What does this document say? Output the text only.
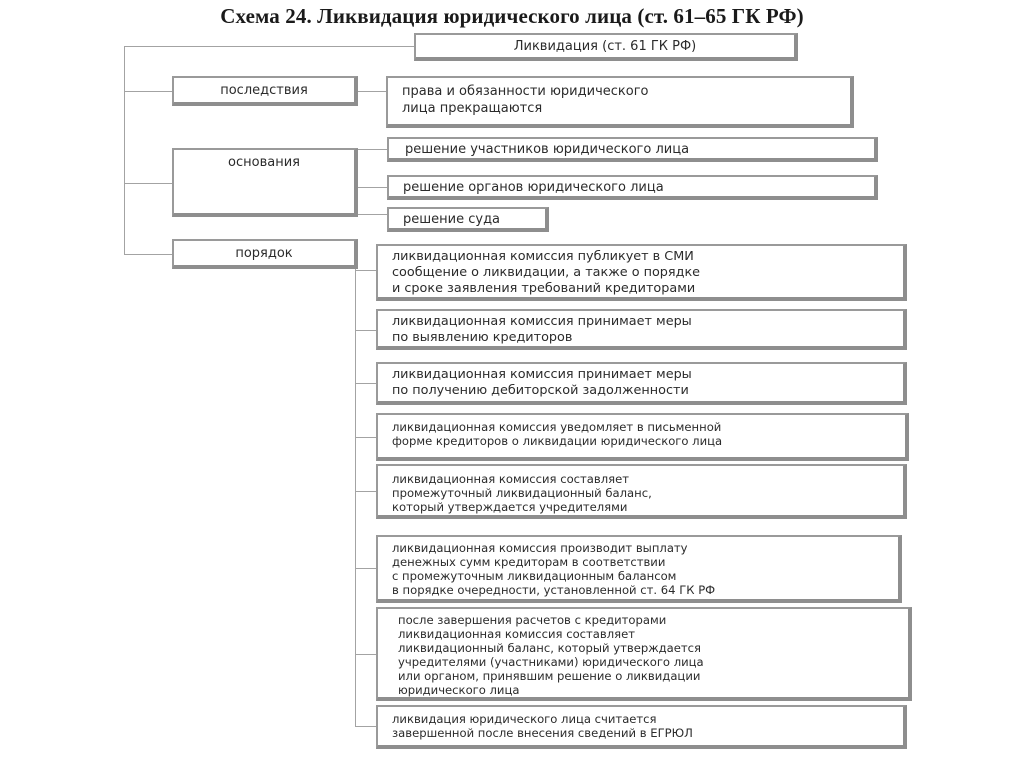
Схема 24. Ликвидация юридического лица (ст. 61–65 ГК РФ)
Ликвидация (ст. 61 ГК РФ)
последствия
основания
порядок
права и обязанности юридического
лица прекращаются
решение участников юридического лица
решение органов юридического лица
решение суда
ликвидационная комиссия публикует в СМИ
сообщение о ликвидации, а также о порядке
и сроке заявления требований кредиторами
ликвидационная комиссия принимает меры
по выявлению кредиторов
ликвидационная комиссия принимает меры
по получению дебиторской задолженности
ликвидационная комиссия уведомляет в письменной
форме кредиторов о ликвидации юридического лица
ликвидационная комиссия составляет
промежуточный ликвидационный баланс,
который утверждается учредителями
ликвидационная комиссия производит выплату
денежных сумм кредиторам в соответствии
с промежуточным ликвидационным балансом
в порядке очередности, установленной ст. 64 ГК РФ
после завершения расчетов с кредиторами
ликвидационная комиссия составляет
ликвидационный баланс, который утверждается
учредителями (участниками) юридического лица
или органом, принявшим решение о ликвидации
юридического лица
ликвидация юридического лица считается
завершенной после внесения сведений в ЕГРЮЛ
